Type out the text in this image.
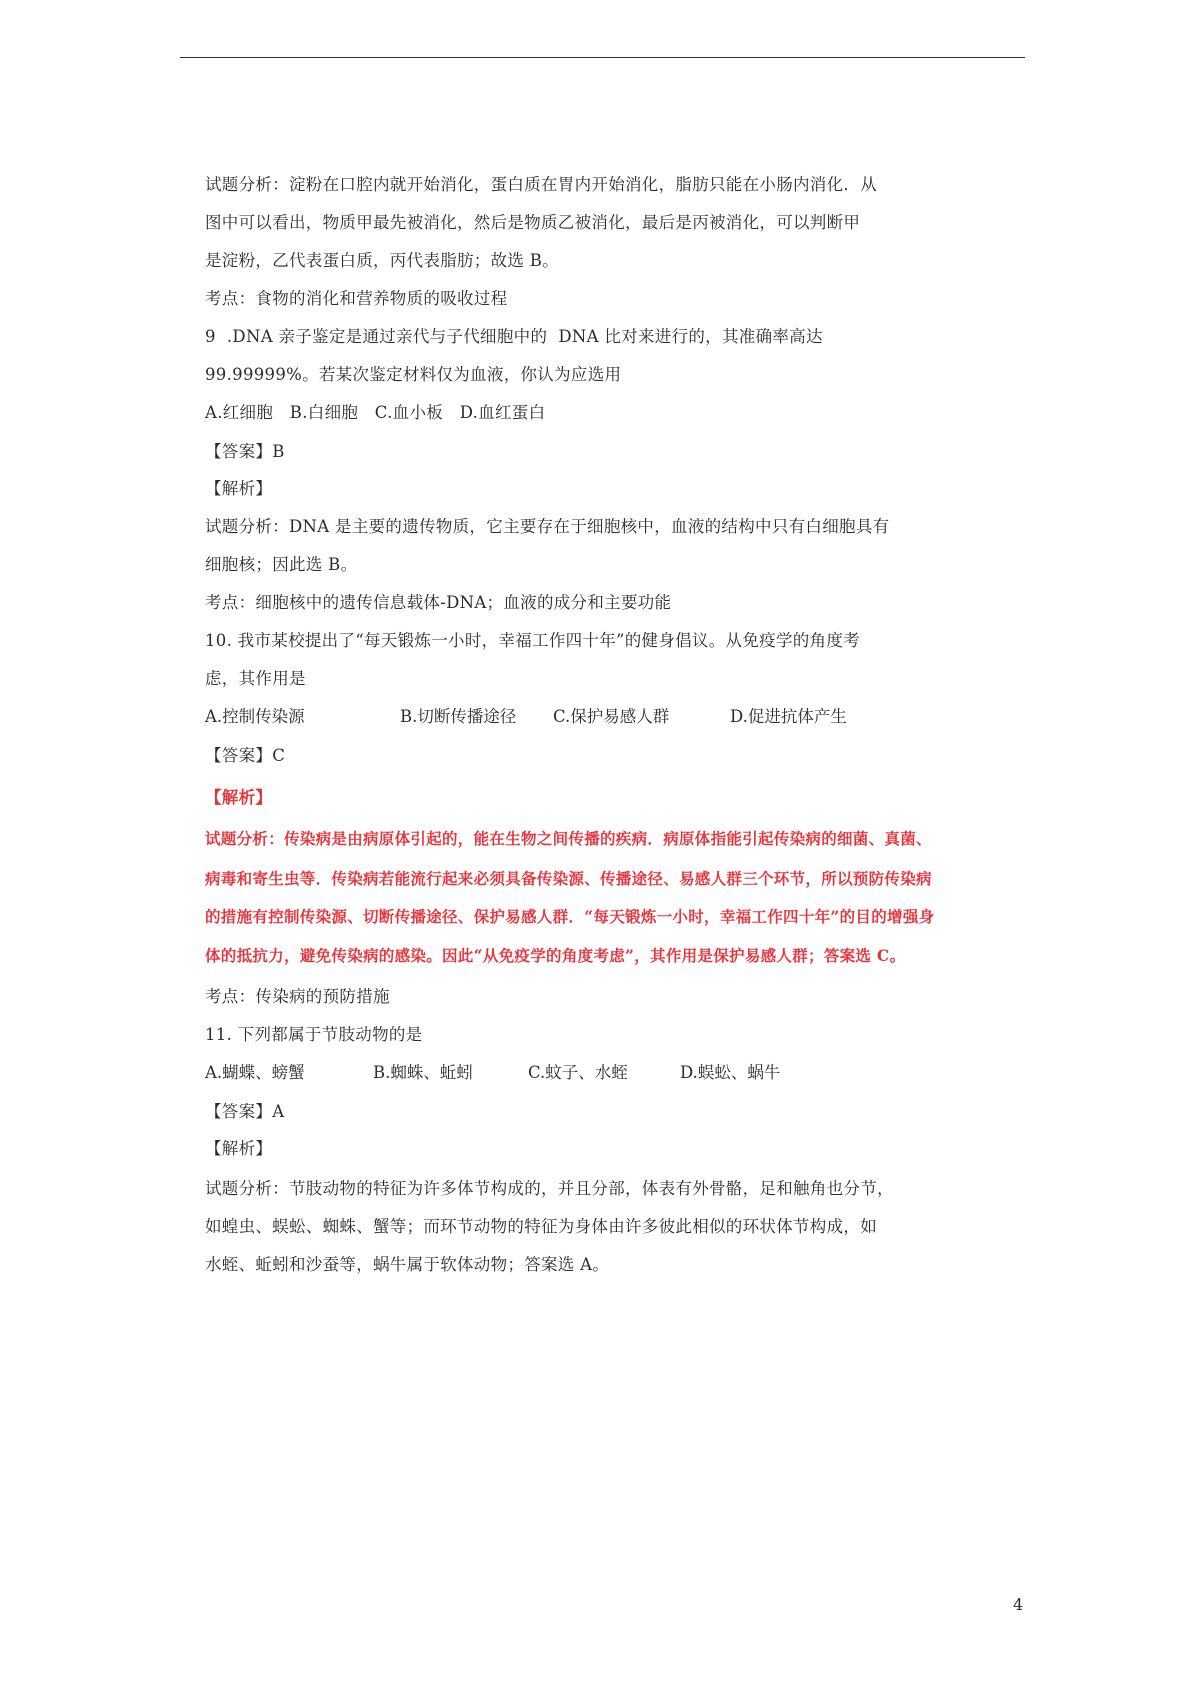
试题分析：淀粉在口腔内就开始消化，蛋白质在胃内开始消化，脂肪只能在小肠内消化．从
图中可以看出，物质甲最先被消化，然后是物质乙被消化，最后是丙被消化，可以判断甲
是淀粉，乙代表蛋白质，丙代表脂肪；故选 B。
考点：食物的消化和营养物质的吸收过程
9  .DNA 亲子鉴定是通过亲代与子代细胞中的  DNA 比对来进行的，其准确率高达
99.99999%。若某次鉴定材料仅为血液，你认为应选用
A.红细胞   B.白细胞   C.血小板   D.血红蛋白
【答案】B
【解析】
试题分析：DNA 是主要的遗传物质，它主要存在于细胞核中，血液的结构中只有白细胞具有
细胞核；因此选 B。
考点：细胞核中的遗传信息载体-DNA；血液的成分和主要功能
10. 我市某校提出了“每天锻炼一小时，幸福工作四十年”的健身倡议。从免疫学的角度考
虑，其作用是
A.控制传染源	B.切断传播途径 C.保护易感人群	D.促进抗体产生
【答案】C
【解析】
试题分析：传染病是由病原体引起的，能在生物之间传播的疾病．病原体指能引起传染病的细菌、真菌、
病毒和寄生虫等．传染病若能流行起来必须具备传染源、传播途径、易感人群三个环节，所以预防传染病
的措施有控制传染源、切断传播途径、保护易感人群．“每天锻炼一小时，幸福工作四十年”的目的增强身
体的抵抗力，避免传染病的感染。因此“从免疫学的角度考虑”，其作用是保护易感人群；答案选 C。
考点：传染病的预防措施
11. 下列都属于节肢动物的是
A.蝴蝶、螃蟹	B.蜘蛛、蚯蚓	C.蚊子、水蛭	D.蜈蚣、蜗牛
【答案】A
【解析】
试题分析：节肢动物的特征为许多体节构成的，并且分部，体表有外骨骼，足和触角也分节，
如蝗虫、蜈蚣、蜘蛛、蟹等；而环节动物的特征为身体由许多彼此相似的环状体节构成，如
水蛭、蚯蚓和沙蚕等，蜗牛属于软体动物；答案选 A。
4
